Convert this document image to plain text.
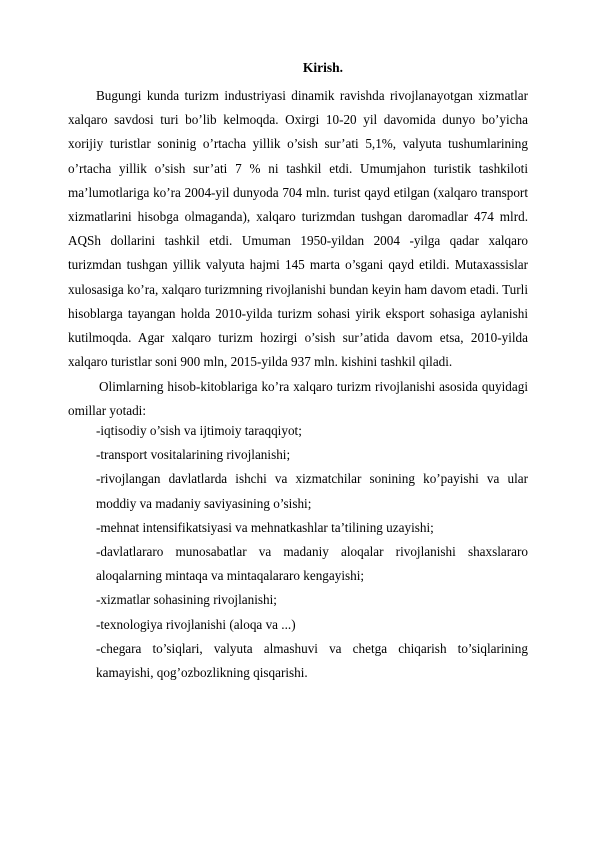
Kirish.

Bugungi kunda turizm industriyasi dinamik ravishda rivojlanayotgan xizmatlar xalqaro savdosi turi bo’lib kelmoqda. Oxirgi 10-20 yil davomida dunyo bo’yicha xorijiy turistlar soninig o’rtacha yillik o’sish sur’ati 5,1%, valyuta tushumlarining o’rtacha yillik o’sish sur’ati 7 % ni tashkil etdi. Umumjahon turistik tashkiloti ma’lumotlariga ko’ra 2004-yil dunyoda 704 mln. turist qayd etilgan (xalqaro transport xizmatlarini hisobga olmaganda), xalqaro turizmdan tushgan daromadlar 474 mlrd. AQSh dollarini tashkil etdi. Umuman 1950-yildan 2004 -yilga qadar xalqaro turizmdan tushgan yillik valyuta hajmi 145 marta o’sgani qayd etildi. Mutaxassislar xulosasiga ko’ra, xalqaro turizmning rivojlanishi bundan keyin ham davom etadi. Turli hisoblarga tayangan holda 2010-yilda turizm sohasi yirik eksport sohasiga aylanishi kutilmoqda. Agar xalqaro turizm hozirgi o’sish sur’atida davom etsa, 2010-yilda xalqaro turistlar soni 900 mln, 2015-yilda 937 mln. kishini tashkil qiladi.

Olimlarning hisob-kitoblariga ko’ra xalqaro turizm rivojlanishi asosida quyidagi omillar yotadi:

-iqtisodiy o’sish va ijtimoiy taraqqiyot;
-transport vositalarining rivojlanishi;
-rivojlangan davlatlarda ishchi va xizmatchilar sonining ko’payishi va ular moddiy va madaniy saviyasining o’sishi;
-mehnat intensifikatsiyasi va mehnatkashlar ta’tilining uzayishi;
-davlatlararo munosabatlar va madaniy aloqalar rivojlanishi shaxslararo aloqalarning mintaqa va mintaqalararo kengayishi;
-xizmatlar sohasining rivojlanishi;
-texnologiya rivojlanishi (aloqa va ...)
-chegara to’siqlari, valyuta almashuvi va chetga chiqarish to’siqlarining kamayishi, qog’ozbozlikning qisqarishi.
